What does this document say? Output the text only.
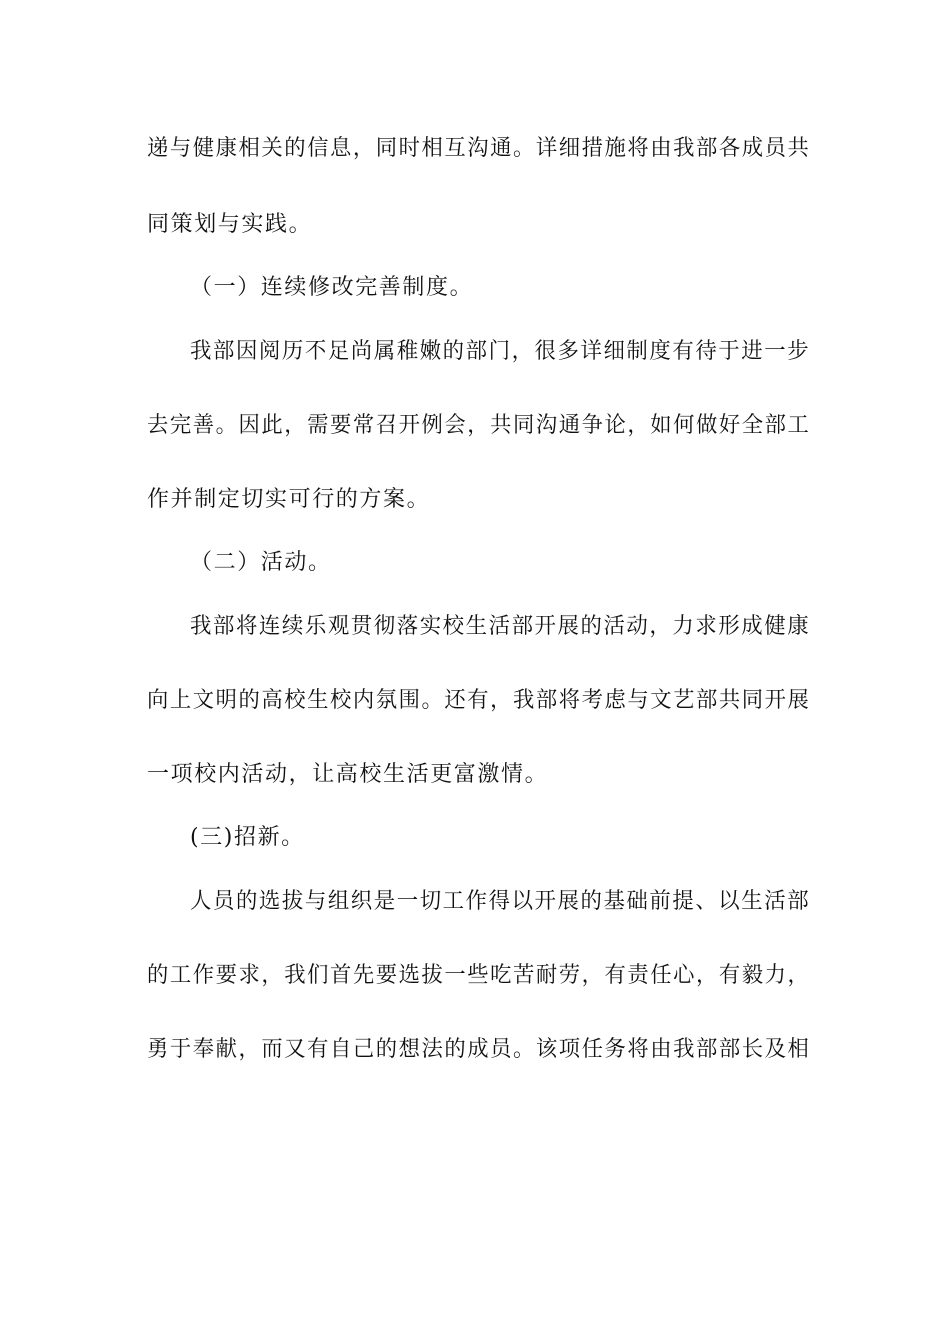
递与健康相关的信息，同时相互沟通。详细措施将由我部各成员共

同策划与实践。

（一）连续修改完善制度。

我部因阅历不足尚属稚嫩的部门，很多详细制度有待于进一步

去完善。因此，需要常召开例会，共同沟通争论，如何做好全部工

作并制定切实可行的方案。

（二）活动。

我部将连续乐观贯彻落实校生活部开展的活动，力求形成健康

向上文明的高校生校内氛围。还有，我部将考虑与文艺部共同开展

一项校内活动，让高校生活更富激情。

(三)招新。

人员的选拔与组织是一切工作得以开展的基础前提、以生活部

的工作要求，我们首先要选拔一些吃苦耐劳，有责任心，有毅力，

勇于奉献，而又有自己的想法的成员。该项任务将由我部部长及相
